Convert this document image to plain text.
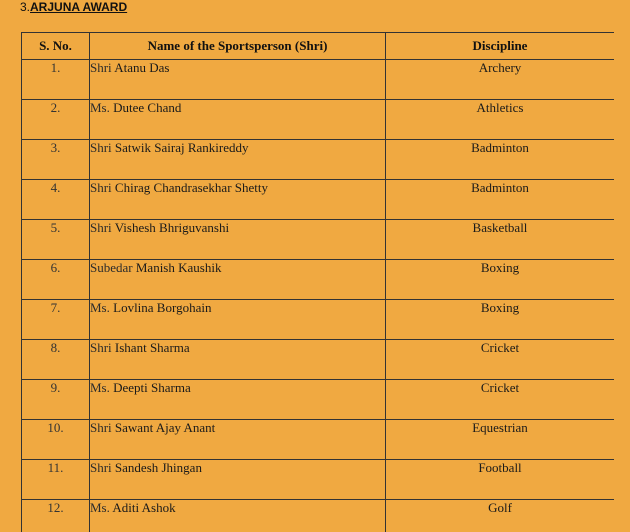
3.ARJUNA AWARD
S. No.	Name of the Sportsperson (Shri)	Discipline
1.	Shri Atanu Das	Archery
2.	Ms. Dutee Chand	Athletics
3.	Shri Satwik Sairaj Rankireddy	Badminton
4.	Shri Chirag Chandrasekhar Shetty	Badminton
5.	Shri Vishesh Bhriguvanshi	Basketball
6.	Subedar Manish Kaushik	Boxing
7.	Ms. Lovlina Borgohain	Boxing
8.	Shri Ishant Sharma	Cricket
9.	Ms. Deepti Sharma	Cricket
10.	Shri Sawant Ajay Anant	Equestrian
11.	Shri Sandesh Jhingan	Football
12.	Ms. Aditi Ashok	Golf
